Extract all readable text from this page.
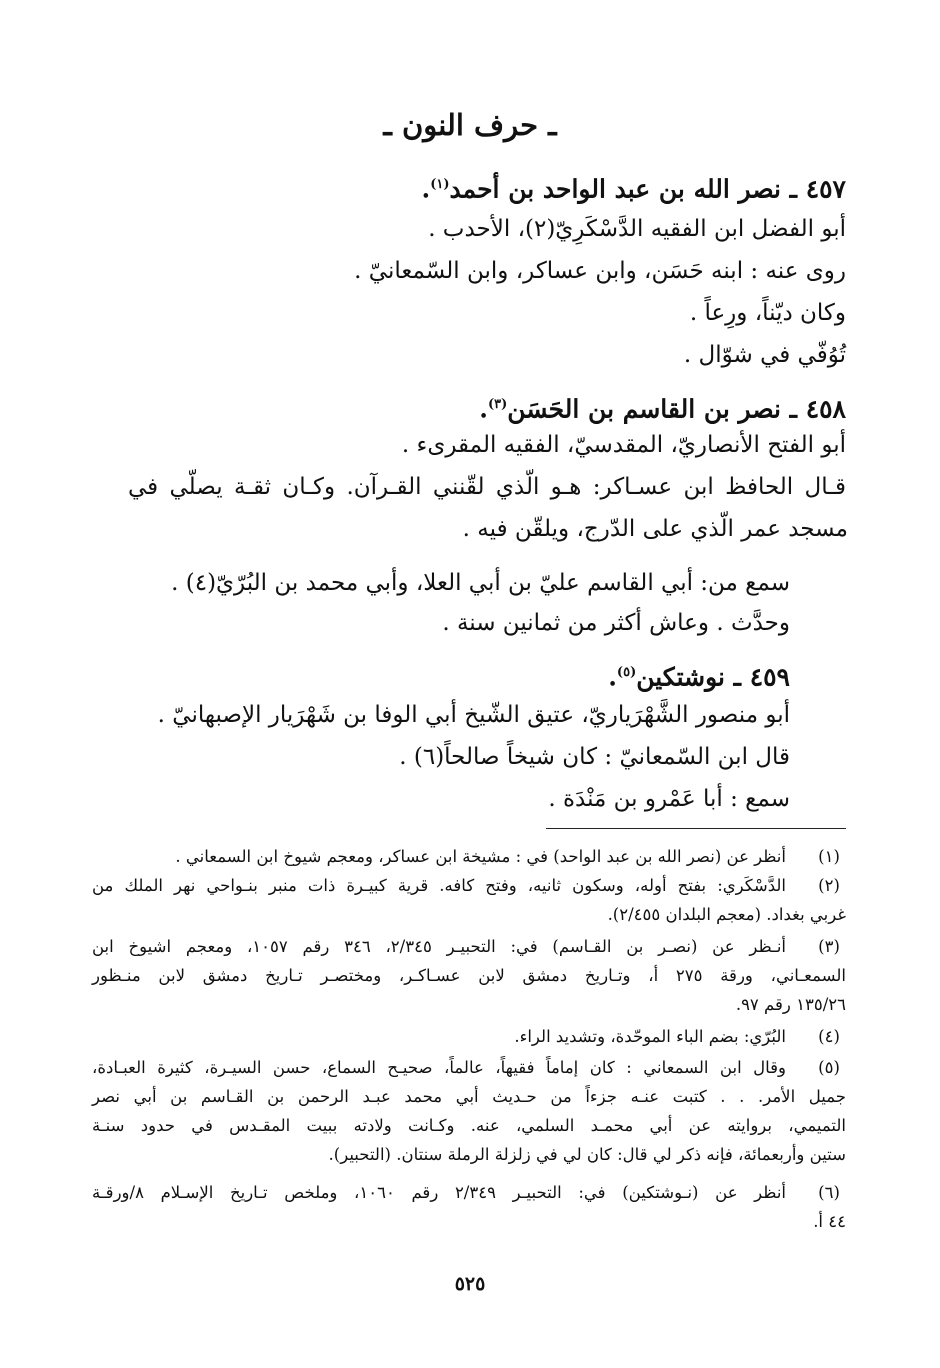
ـ حرف النون ـ
٤٥٧ ـ نصر الله بن عبد الواحد بن أحمد$^{(١)}$.
أبو الفضل ابن الفقيه الدَّسْكَرِيّ(٢)، الأحدب .
روى عنه : ابنه حَسَن، وابن عساكر، وابن السّمعانيّ .
وكان ديّناً، ورِعاً .
تُوُفّي في شوّال .
٤٥٨ ـ نصر بن القاسم بن الحَسَن$^{(٣)}$.
أبو الفتح الأنصاريّ، المقدسيّ، الفقيه المقرىء .
قـال الحافظ ابن عسـاكر: هـو الّذي لقّنني القـرآن. وكـان ثقـة يصلّي في
مسجد عمر الّذي على الدّرج، ويلقّن فيه .
سمع من: أبي القاسم عليّ بن أبي العلا، وأبي محمد بن البُرّيّ(٤) .
وحدَّث . وعاش أكثر من ثمانين سنة .
٤٥٩ ـ نوشتكين$^{(٥)}$.
أبو منصور الشَّهْرَياريّ، عتيق الشّيخ أبي الوفا بن شَهْرَيار الإصبهانيّ .
قال ابن السّمعانيّ : كان شيخاً صالحاً(٦) .
سمع : أبا عَمْرو بن مَنْدَة .
(١)
أنظر عن (نصر الله بن عبد الواحد) في : مشيخة ابن عساكر، ومعجم شيوخ ابن السمعاني .
(٢)
الدَّسْكَري: بفتح أوله، وسكون ثانيه، وفتح كافه. قرية كبيـرة ذات منبر بنـواحي نهر الملك من
غربي بغداد. (معجم البلدان ٢/٤٥٥).
(٣)
أنـظر عن (نصـر بن القـاسم) في: التحبيـر ٢/٣٤٥، ٣٤٦ رقم ١٠٥٧، ومعجم اشيوخ ابن
السمعـاني، ورقة ٢٧٥ أ، وتـاريخ دمشق لابن عسـاكـر، ومختصـر تـاريخ دمشق لابن منـظور
١٣٥/٢٦ رقم ٩٧.
(٤)
البُرّي: بضم الباء الموحّدة، وتشديد الراء.
(٥)
وقال ابن السمعاني : كان إماماً فقيهاً، عالماً، صحيـح السماع، حسن السيـرة، كثيرة العبـادة،
جميل الأمر. . . كتبت عنـه جزءاً من حـديث أبي محمد عبـد الرحمن بن القـاسم بن أبي نصر
التميمي، بروايته عن أبي محمـد السلمي، عنه. وكـانت ولادته ببيت المقـدس في حدود سنـة
ستين وأربعمائة، فإنه ذكر لي قال: كان لي في زلزلة الرملة سنتان. (التحبير).
(٦)
أنظر عن (نـوشتكين) في: التحبيـر ٢/٣٤٩ رقم ١٠٦٠، وملخص تـاريخ الإسـلام ٨/ورقـة
٤٤ أ.
٥٢٥
